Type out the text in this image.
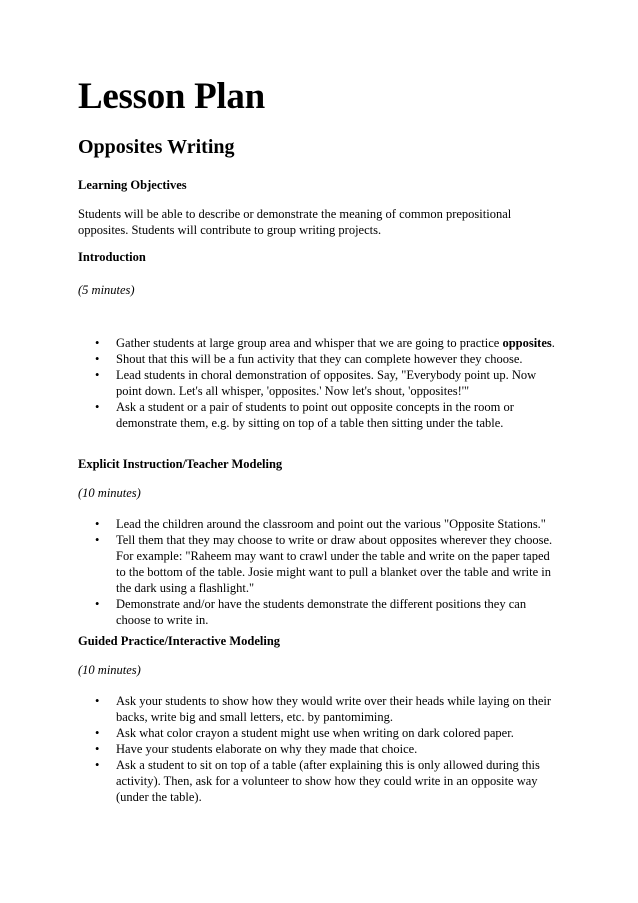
Lesson Plan
Opposites Writing
Learning Objectives

Students will be able to describe or demonstrate the meaning of common prepositional opposites. Students will contribute to group writing projects.

Introduction
(5 minutes)
• Gather students at large group area and whisper that we are going to practice opposites.
• Shout that this will be a fun activity that they can complete however they choose.
• Lead students in choral demonstration of opposites. Say, "Everybody point up. Now point down. Let's all whisper, 'opposites.' Now let's shout, 'opposites!'"
• Ask a student or a pair of students to point out opposite concepts in the room or demonstrate them, e.g. by sitting on top of a table then sitting under the table.
Explicit Instruction/Teacher Modeling
(10 minutes)
• Lead the children around the classroom and point out the various "Opposite Stations."
• Tell them that they may choose to write or draw about opposites wherever they choose. For example: "Raheem may want to crawl under the table and write on the paper taped to the bottom of the table. Josie might want to pull a blanket over the table and write in the dark using a flashlight."
• Demonstrate and/or have the students demonstrate the different positions they can choose to write in.
Guided Practice/Interactive Modeling
(10 minutes)
• Ask your students to show how they would write over their heads while laying on their backs, write big and small letters, etc. by pantomiming.
• Ask what color crayon a student might use when writing on dark colored paper.
• Have your students elaborate on why they made that choice.
• Ask a student to sit on top of a table (after explaining this is only allowed during this activity). Then, ask for a volunteer to show how they could write in an opposite way (under the table).
